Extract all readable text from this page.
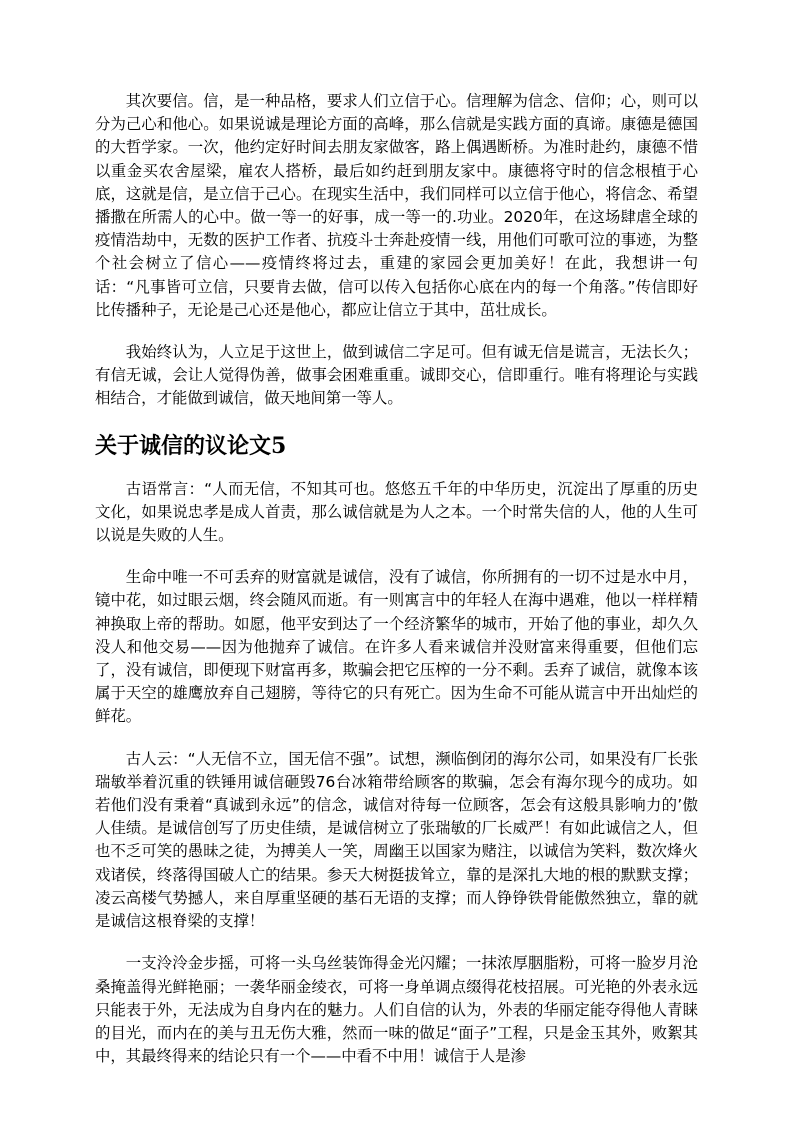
其次要信。信，是一种品格，要求人们立信于心。信理解为信念、信仰；心，则可以分为己心和他心。如果说诚是理论方面的高峰，那么信就是实践方面的真谛。康德是德国的大哲学家。一次，他约定好时间去朋友家做客，路上偶遇断桥。为准时赴约，康德不惜以重金买农舍屋梁，雇农人搭桥，最后如约赶到朋友家中。康德将守时的信念根植于心底，这就是信，是立信于己心。在现实生活中，我们同样可以立信于他心，将信念、希望播撒在所需人的心中。做一等一的好事，成一等一的.功业。2020年，在这场肆虐全球的疫情浩劫中，无数的医护工作者、抗疫斗士奔赴疫情一线，用他们可歌可泣的事迹，为整个社会树立了信心——疫情终将过去，重建的家园会更加美好！在此，我想讲一句话：“凡事皆可立信，只要肯去做，信可以传入包括你心底在内的每一个角落。”传信即好比传播种子，无论是己心还是他心，都应让信立于其中，茁壮成长。

我始终认为，人立足于这世上，做到诚信二字足可。但有诚无信是谎言，无法长久；有信无诚，会让人觉得伪善，做事会困难重重。诚即交心，信即重行。唯有将理论与实践相结合，才能做到诚信，做天地间第一等人。

关于诚信的议论文5

古语常言：“人而无信，不知其可也。悠悠五千年的中华历史，沉淀出了厚重的历史文化，如果说忠孝是成人首责，那么诚信就是为人之本。一个时常失信的人，他的人生可以说是失败的人生。

生命中唯一不可丢弃的财富就是诚信，没有了诚信，你所拥有的一切不过是水中月，镜中花，如过眼云烟，终会随风而逝。有一则寓言中的年轻人在海中遇难，他以一样样精神换取上帝的帮助。如愿，他平安到达了一个经济繁华的城市，开始了他的事业，却久久没人和他交易——因为他抛弃了诚信。在许多人看来诚信并没财富来得重要，但他们忘了，没有诚信，即便现下财富再多，欺骗会把它压榨的一分不剩。丢弃了诚信，就像本该属于天空的雄鹰放弃自己翅膀，等待它的只有死亡。因为生命不可能从谎言中开出灿烂的鲜花。

古人云：“人无信不立，国无信不强”。试想，濒临倒闭的海尔公司，如果没有厂长张瑞敏举着沉重的铁锤用诚信砸毁76台冰箱带给顾客的欺骗，怎会有海尔现今的成功。如若他们没有秉着“真诚到永远”的信念，诚信对待每一位顾客，怎会有这般具影响力的’傲人佳绩。是诚信创写了历史佳绩，是诚信树立了张瑞敏的厂长威严！有如此诚信之人，但也不乏可笑的愚昧之徒，为搏美人一笑，周幽王以国家为赌注，以诚信为笑料，数次烽火戏诸侯，终落得国破人亡的结果。参天大树挺拔耸立，靠的是深扎大地的根的默默支撑；凌云高楼气势撼人，来自厚重坚硬的基石无语的支撑；而人铮铮铁骨能傲然独立，靠的就是诚信这根脊梁的支撑！

一支泠泠金步摇，可将一头乌丝装饰得金光闪耀；一抹浓厚胭脂粉，可将一脸岁月沧桑掩盖得光鲜艳丽；一袭华丽金绫衣，可将一身单调点缀得花枝招展。可光艳的外表永远只能表于外，无法成为自身内在的魅力。人们自信的认为，外表的华丽定能夺得他人青睐的目光，而内在的美与丑无伤大雅，然而一味的做足“面子”工程，只是金玉其外，败絮其中，其最终得来的结论只有一个——中看不中用！诚信于人是渗
